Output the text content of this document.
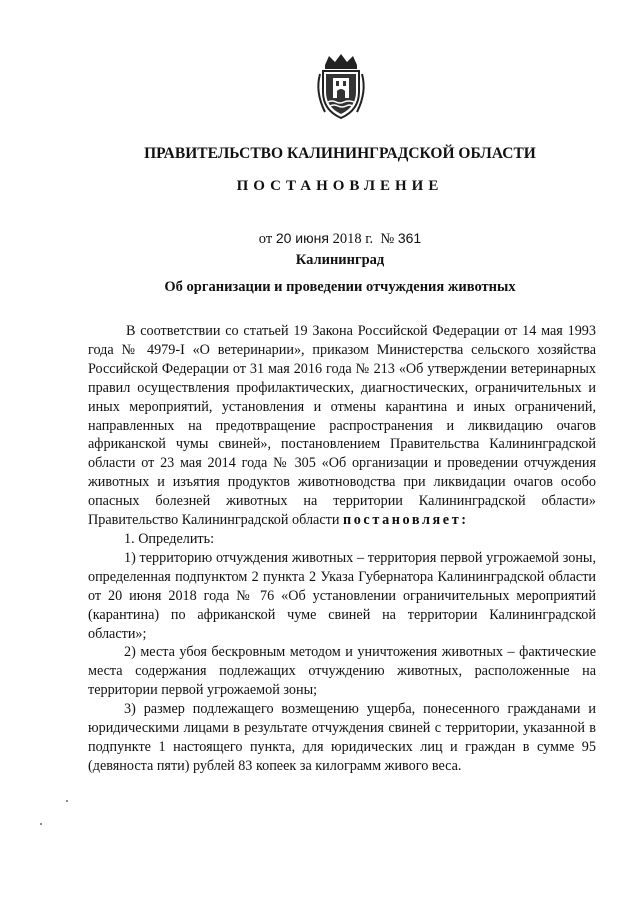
ПРАВИТЕЛЬСТВО КАЛИНИНГРАДСКОЙ ОБЛАСТИ
ПОСТАНОВЛЕНИЕ
от 20 июня 2018 г. № 361
Калининград
Об организации и проведении отчуждения животных

В соответствии со статьей 19 Закона Российской Федерации от 14 мая 1993 года № 4979-I «О ветеринарии», приказом Министерства сельского хозяйства Российской Федерации от 31 мая 2016 года № 213 «Об утверждении ветеринарных правил осуществления профилактических, диагностических, ограничительных и иных мероприятий, установления и отмены карантина и иных ограничений, направленных на предотвращение распространения и ликвидацию очагов африканской чумы свиней», постановлением Правительства Калининградской области от 23 мая 2014 года № 305 «Об организации и проведении отчуждения животных и изъятия продуктов животноводства при ликвидации очагов особо опасных болезней животных на территории Калининградской области» Правительство Калининградской области постановляет:

1. Определить:

1) территорию отчуждения животных – территория первой угрожаемой зоны, определенная подпунктом 2 пункта 2 Указа Губернатора Калининградской области от 20 июня 2018 года № 76 «Об установлении ограничительных мероприятий (карантина) по африканской чуме свиней на территории Калининградской области»;

2) места убоя бескровным методом и уничтожения животных – фактические места содержания подлежащих отчуждению животных, расположенные на территории первой угрожаемой зоны;

3) размер подлежащего возмещению ущерба, понесенного гражданами и юридическими лицами в результате отчуждения свиней с территории, указанной в подпункте 1 настоящего пункта, для юридических лиц и граждан в сумме 95 (девяноста пяти) рублей 83 копеек за килограмм живого веса.
